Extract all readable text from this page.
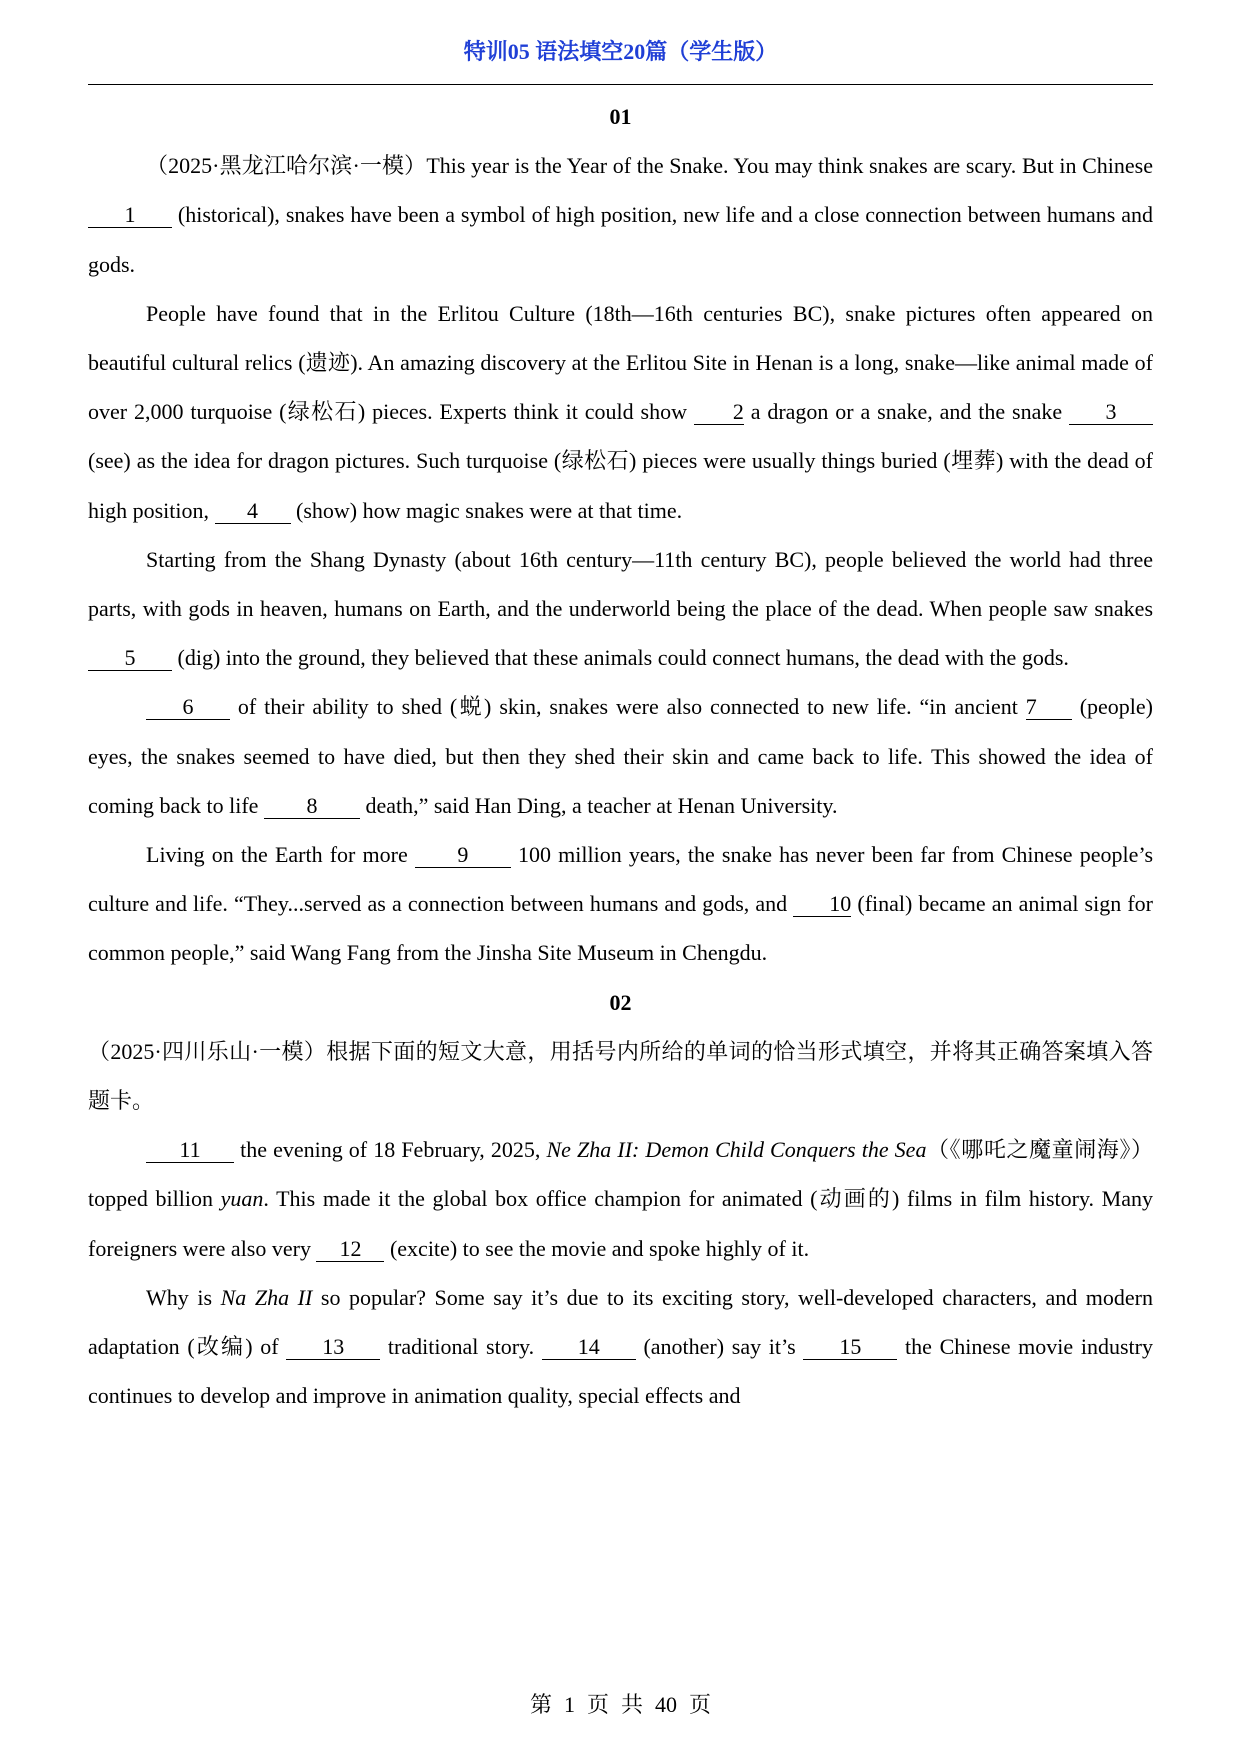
特训05 语法填空20篇（学生版）

01

（2025·黑龙江哈尔滨·一模）This year is the Year of the Snake. You may think snakes are scary. But in Chinese 1 (historical), snakes have been a symbol of high position, new life and a close connection between humans and gods.

People have found that in the Erlitou Culture (18th—16th centuries BC), snake pictures often appeared on beautiful cultural relics (遗迹). An amazing discovery at the Erlitou Site in Henan is a long, snake—like animal made of over 2,000 turquoise (绿松石) pieces. Experts think it could show 2 a dragon or a snake, and the snake 3 (see) as the idea for dragon pictures. Such turquoise (绿松石) pieces were usually things buried (埋葬) with the dead of high position, 4 (show) how magic snakes were at that time.

Starting from the Shang Dynasty (about 16th century—11th century BC), people believed the world had three parts, with gods in heaven, humans on Earth, and the underworld being the place of the dead. When people saw snakes 5 (dig) into the ground, they believed that these animals could connect humans, the dead with the gods.

6 of their ability to shed (蜕) skin, snakes were also connected to new life. “in ancient 7 (people) eyes, the snakes seemed to have died, but then they shed their skin and came back to life. This showed the idea of coming back to life 8 death,” said Han Ding, a teacher at Henan University.

Living on the Earth for more 9 100 million years, the snake has never been far from Chinese people’s culture and life. “They...served as a connection between humans and gods, and 10 (final) became an animal sign for common people,” said Wang Fang from the Jinsha Site Museum in Chengdu.

02

（2025·四川乐山·一模）根据下面的短文大意，用括号内所给的单词的恰当形式填空，并将其正确答案填入答题卡。

11 the evening of 18 February, 2025, Ne Zha II: Demon Child Conquers the Sea（《哪吒之魔童闹海》）topped billion yuan. This made it the global box office champion for animated (动画的) films in film history. Many foreigners were also very 12 (excite) to see the movie and spoke highly of it.

Why is Na Zha II so popular? Some say it’s due to its exciting story, well-developed characters, and modern adaptation (改编) of 13 traditional story. 14 (another) say it’s 15 the Chinese movie industry continues to develop and improve in animation quality, special effects and

第 1 页 共 40 页
